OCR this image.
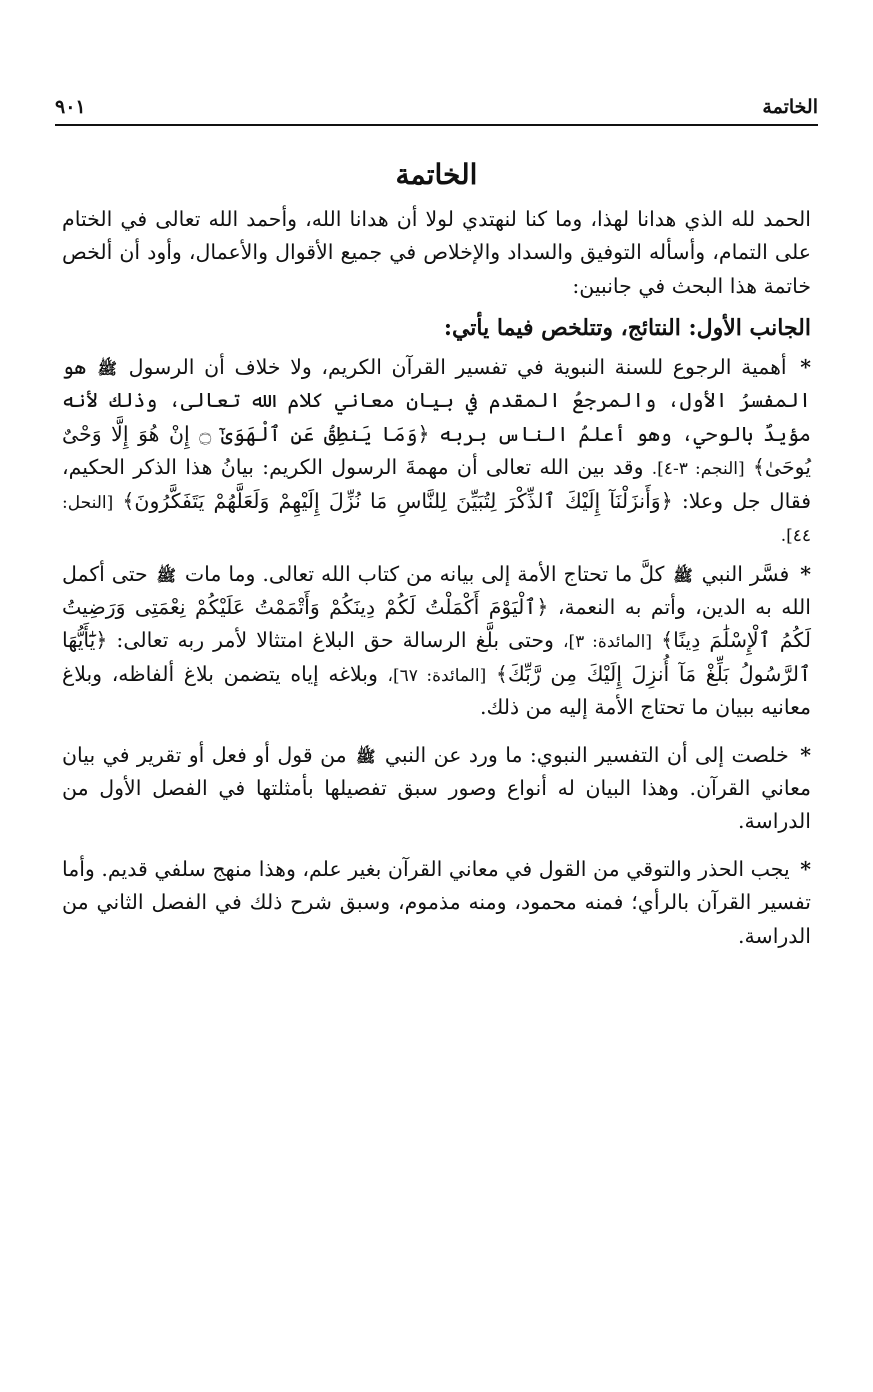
الخاتمة
٩٠١
الخاتمة

الحمد لله الذي هدانا لهذا، وما كنا لنهتدي لولا أن هدانا الله، وأحمد الله تعالى في الختام على التمام، وأسأله التوفيق والسداد والإخلاص في جميع الأقوال والأعمال، وأود أن ألخص خاتمة هذا البحث في جانبين:

الجانب الأول: النتائج، وتتلخص فيما يأتي:

* أهمية الرجوع للسنة النبوية في تفسير القرآن الكريم، ولا خلاف أن الرسول ﷺ هو المفسرُ الأول، والمرجعُ المقدم في بيان معاني كلام الله تعالى، وذلك لأنه مؤيدٌ بالوحي، وهو أعلمُ الناس بربه ﴿وَمَا يَنطِقُ عَنِ ٱلْهَوَىٰٓ ۝ إِنْ هُوَ إِلَّا وَحْىٌ يُوحَىٰ﴾ [النجم: ٣-٤]. وقد بين الله تعالى أن مهمةَ الرسول الكريم: بيانُ هذا الذكر الحكيم، فقال جل وعلا: ﴿وَأَنزَلْنَآ إِلَيْكَ ٱلذِّكْرَ لِتُبَيِّنَ لِلنَّاسِ مَا نُزِّلَ إِلَيْهِمْ وَلَعَلَّهُمْ يَتَفَكَّرُونَ﴾ [النحل: ٤٤].

* فسَّر النبي ﷺ كلَّ ما تحتاج الأمة إلى بيانه من كتاب الله تعالى. وما مات ﷺ حتى أكمل الله به الدين، وأتم به النعمة، ﴿ٱلْيَوْمَ أَكْمَلْتُ لَكُمْ دِينَكُمْ وَأَتْمَمْتُ عَلَيْكُمْ نِعْمَتِى وَرَضِيتُ لَكُمُ ٱلْإِسْلَٰمَ دِينًا﴾ [المائدة: ٣]، وحتى بلَّغ الرسالة حق البلاغ امتثالا لأمر ربه تعالى: ﴿يَٰٓأَيُّهَا ٱلرَّسُولُ بَلِّغْ مَآ أُنزِلَ إِلَيْكَ مِن رَّبِّكَ﴾ [المائدة: ٦٧]، وبلاغه إياه يتضمن بلاغ ألفاظه، وبلاغ معانيه ببيان ما تحتاج الأمة إليه من ذلك.

* خلصت إلى أن التفسير النبوي: ما ورد عن النبي ﷺ من قول أو فعل أو تقرير في بيان معاني القرآن. وهذا البيان له أنواع وصور سبق تفصيلها بأمثلتها في الفصل الأول من الدراسة.

* يجب الحذر والتوقي من القول في معاني القرآن بغير علم، وهذا منهج سلفي قديم. وأما تفسير القرآن بالرأي؛ فمنه محمود، ومنه مذموم، وسبق شرح ذلك في الفصل الثاني من الدراسة.
